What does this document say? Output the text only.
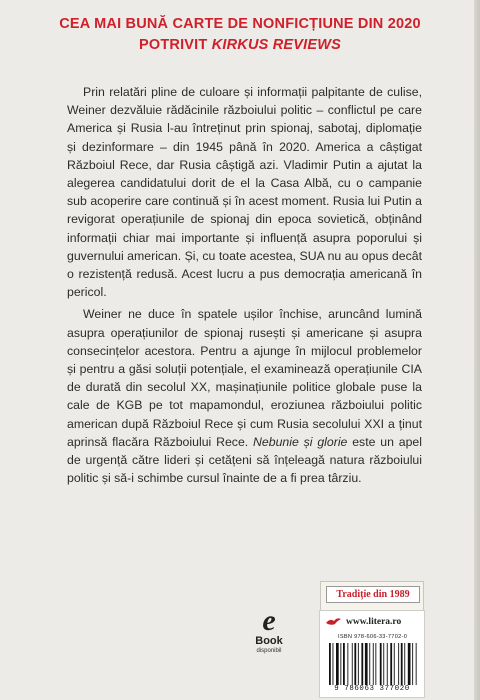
CEA MAI BUNĂ CARTE DE NONFICȚIUNE DIN 2020
POTRIVIT KIRKUS REVIEWS

Prin relatări pline de culoare și informații palpitante de culise, Weiner dezvăluie rădăcinile războiului politic – conflictul pe care America și Rusia l-au întreținut prin spionaj, sabotaj, diplomație și dezinformare – din 1945 până în 2020. America a câștigat Războiul Rece, dar Rusia câștigă azi. Vladimir Putin a ajutat la alegerea candidatului dorit de el la Casa Albă, cu o campanie sub acoperire care continuă și în acest moment. Rusia lui Putin a revigorat operațiunile de spionaj din epoca sovietică, obținând informații chiar mai importante și influență asupra poporului și guvernului american. Și, cu toate acestea, SUA nu au opus decât o rezistență redusă. Acest lucru a pus democrația americană în pericol.

Weiner ne duce în spatele ușilor închise, aruncând lumină asupra operațiunilor de spionaj rusești și americane și asupra consecințelor acestora. Pentru a ajunge în mijlocul problemelor și pentru a găsi soluții potențiale, el examinează operațiunile CIA de durată din secolul XX, mașinațiunile politice globale puse la cale de KGB pe tot mapamondul, eroziunea războiului politic american după Războiul Rece și cum Rusia secolului XXI a ținut aprinsă flacăra Războiului Rece. Nebunie și glorie este un apel de urgență către lideri și cetățeni să înțeleagă natura războiului politic și să-i schimbe cursul înainte de a fi prea târziu.

e
Book
disponibil
Tradiție din 1989
www.litera.ro
ISBN 978-606-33-7702-0
9 786063 377020
